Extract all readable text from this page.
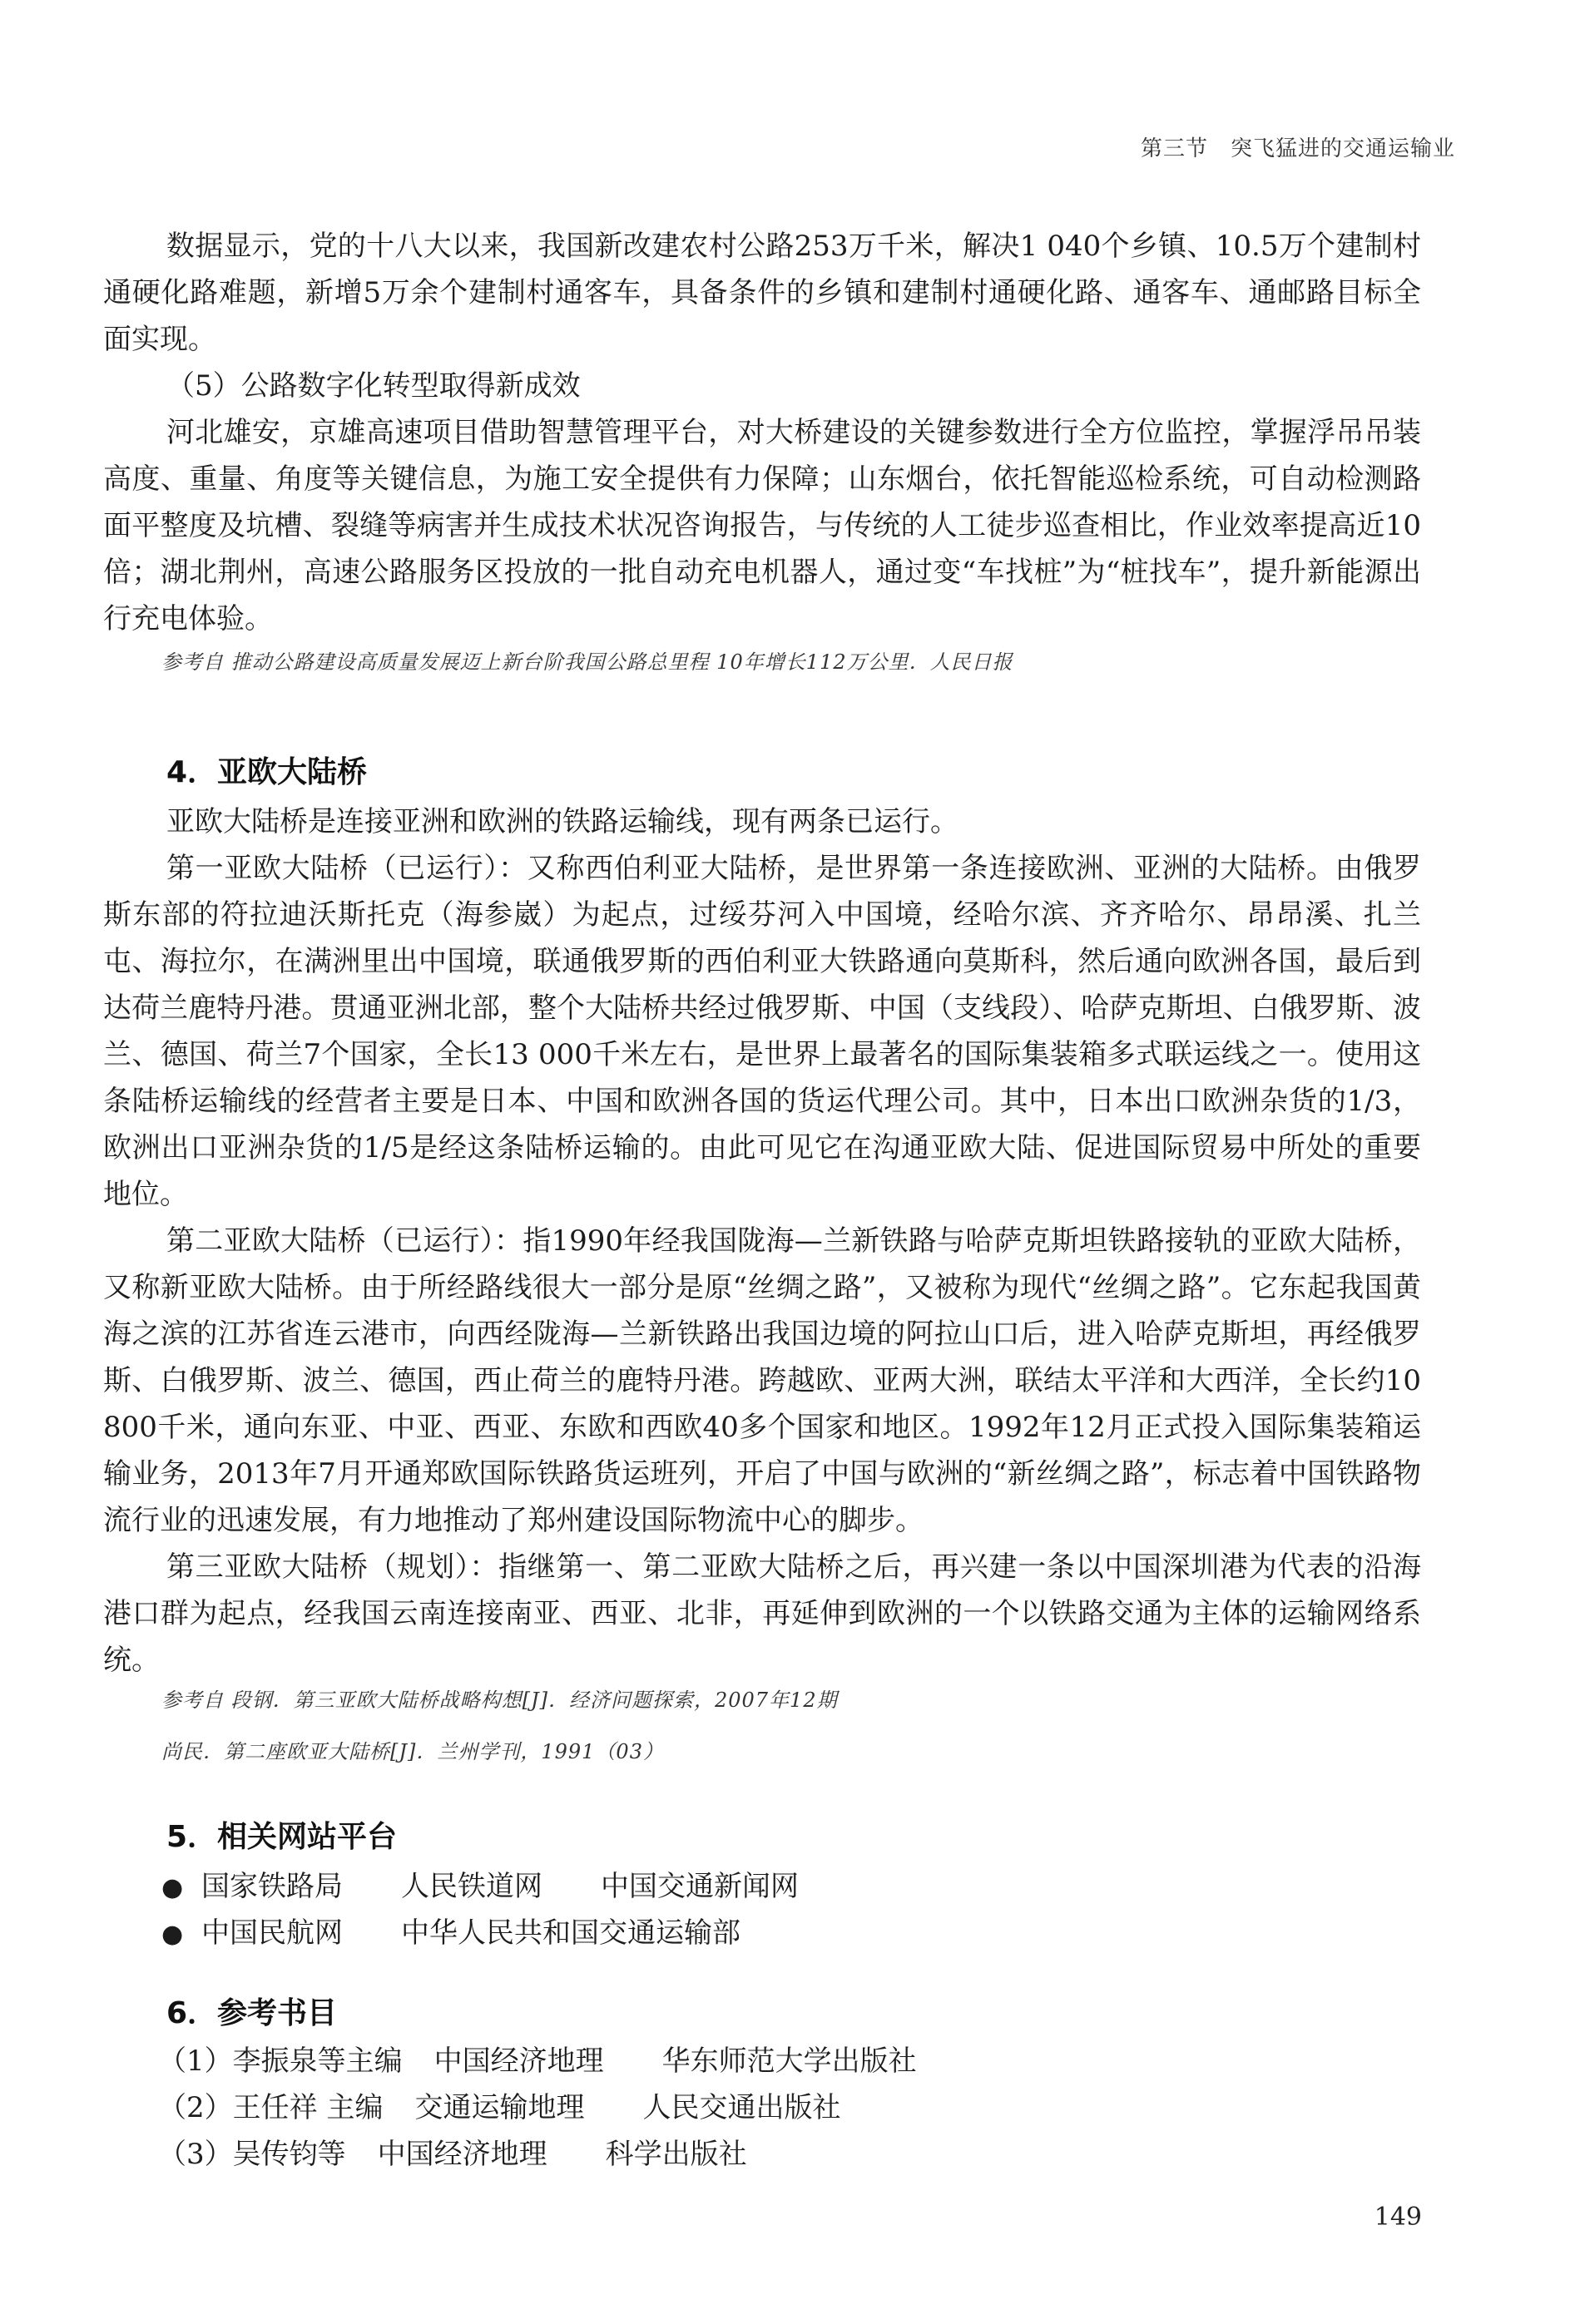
第三节　突飞猛进的交通运输业

数据显示，党的十八大以来，我国新改建农村公路253万千米，解决1 040个乡镇、10.5万个建制村通硬化路难题，新增5万余个建制村通客车，具备条件的乡镇和建制村通硬化路、通客车、通邮路目标全面实现。

（5）公路数字化转型取得新成效

河北雄安，京雄高速项目借助智慧管理平台，对大桥建设的关键参数进行全方位监控，掌握浮吊吊装高度、重量、角度等关键信息，为施工安全提供有力保障；山东烟台，依托智能巡检系统，可自动检测路面平整度及坑槽、裂缝等病害并生成技术状况咨询报告，与传统的人工徒步巡查相比，作业效率提高近10倍；湖北荆州，高速公路服务区投放的一批自动充电机器人，通过变“车找桩”为“桩找车”，提升新能源出行充电体验。

参考自 推动公路建设高质量发展迈上新台阶我国公路总里程 10年增长112万公里．人民日报

4．亚欧大陆桥

亚欧大陆桥是连接亚洲和欧洲的铁路运输线，现有两条已运行。

第一亚欧大陆桥（已运行）：又称西伯利亚大陆桥，是世界第一条连接欧洲、亚洲的大陆桥。由俄罗斯东部的符拉迪沃斯托克（海参崴）为起点，过绥芬河入中国境，经哈尔滨、齐齐哈尔、昂昂溪、扎兰屯、海拉尔，在满洲里出中国境，联通俄罗斯的西伯利亚大铁路通向莫斯科，然后通向欧洲各国，最后到达荷兰鹿特丹港。贯通亚洲北部，整个大陆桥共经过俄罗斯、中国（支线段）、哈萨克斯坦、白俄罗斯、波兰、德国、荷兰7个国家，全长13 000千米左右，是世界上最著名的国际集装箱多式联运线之一。使用这条陆桥运输线的经营者主要是日本、中国和欧洲各国的货运代理公司。其中，日本出口欧洲杂货的1/3，欧洲出口亚洲杂货的1/5是经这条陆桥运输的。由此可见它在沟通亚欧大陆、促进国际贸易中所处的重要地位。

第二亚欧大陆桥（已运行）：指1990年经我国陇海—兰新铁路与哈萨克斯坦铁路接轨的亚欧大陆桥，又称新亚欧大陆桥。由于所经路线很大一部分是原“丝绸之路”，又被称为现代“丝绸之路”。它东起我国黄海之滨的江苏省连云港市，向西经陇海—兰新铁路出我国边境的阿拉山口后，进入哈萨克斯坦，再经俄罗斯、白俄罗斯、波兰、德国，西止荷兰的鹿特丹港。跨越欧、亚两大洲，联结太平洋和大西洋，全长约10 800千米，通向东亚、中亚、西亚、东欧和西欧40多个国家和地区。1992年12月正式投入国际集装箱运输业务，2013年7月开通郑欧国际铁路货运班列，开启了中国与欧洲的“新丝绸之路”，标志着中国铁路物流行业的迅速发展，有力地推动了郑州建设国际物流中心的脚步。

第三亚欧大陆桥（规划）：指继第一、第二亚欧大陆桥之后，再兴建一条以中国深圳港为代表的沿海港口群为起点，经我国云南连接南亚、西亚、北非，再延伸到欧洲的一个以铁路交通为主体的运输网络系统。

参考自 段钢．第三亚欧大陆桥战略构想[J]．经济问题探索，2007年12期

尚民．第二座欧亚大陆桥[J]．兰州学刊，1991（03）

5．相关网站平台
● 国家铁路局 人民铁道网 中国交通新闻网
● 中国民航网 中华人民共和国交通运输部
6．参考书目
（1）李振泉等主编 中国经济地理 华东师范大学出版社
（2）王任祥 主编 交通运输地理 人民交通出版社
（3）吴传钧等 中国经济地理 科学出版社
149
